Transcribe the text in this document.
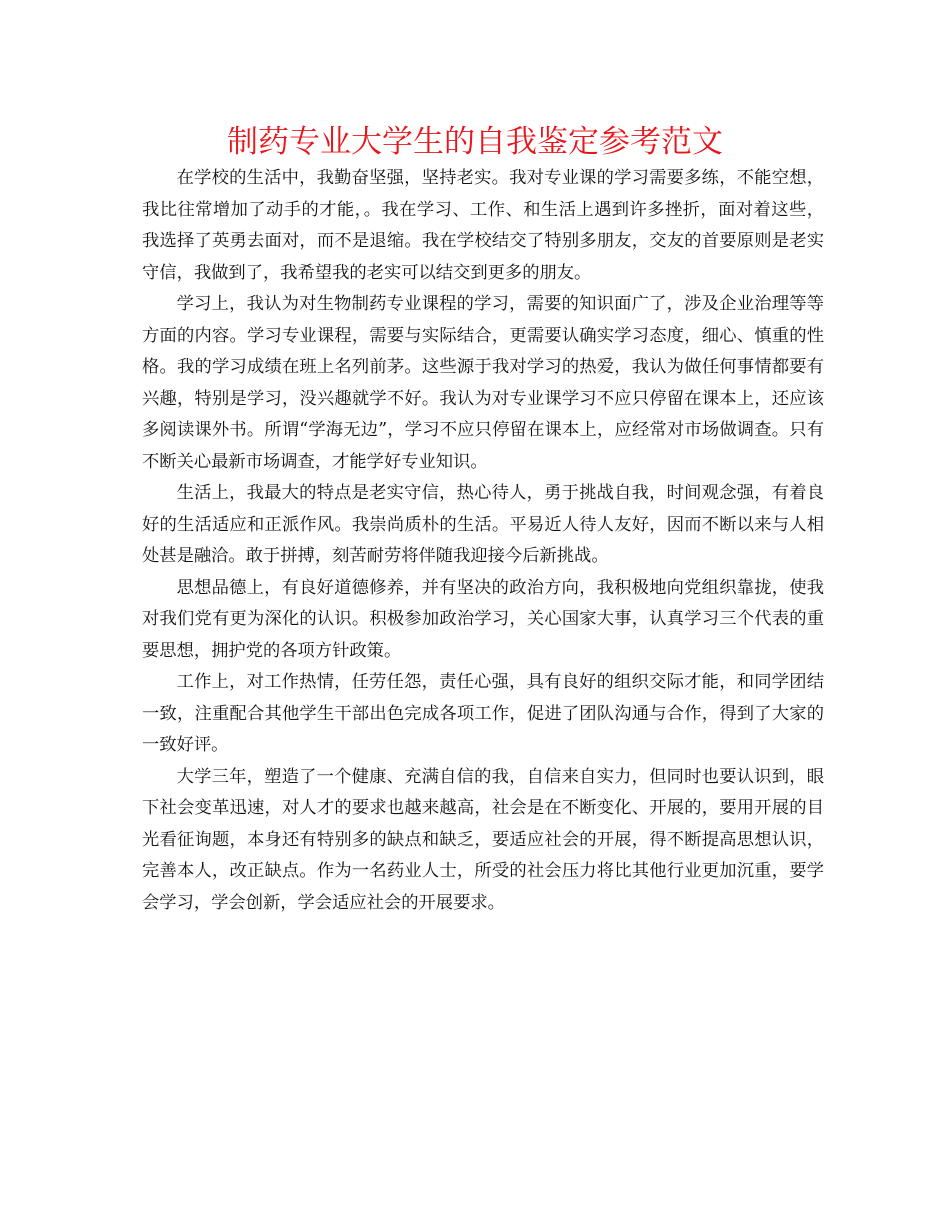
制药专业大学生的自我鉴定参考范文

在学校的生活中，我勤奋坚强，坚持老实。我对专业课的学习需要多练，不能空想，我比往常增加了动手的才能，。我在学习、工作、和生活上遇到许多挫折，面对着这些，我选择了英勇去面对，而不是退缩。我在学校结交了特别多朋友，交友的首要原则是老实守信，我做到了，我希望我的老实可以结交到更多的朋友。

学习上，我认为对生物制药专业课程的学习，需要的知识面广了，涉及企业治理等等方面的内容。学习专业课程，需要与实际结合，更需要认确实学习态度，细心、慎重的性格。我的学习成绩在班上名列前茅。这些源于我对学习的热爱，我认为做任何事情都要有兴趣，特别是学习，没兴趣就学不好。我认为对专业课学习不应只停留在课本上，还应该多阅读课外书。所谓“学海无边”，学习不应只停留在课本上，应经常对市场做调查。只有不断关心最新市场调查，才能学好专业知识。

生活上，我最大的特点是老实守信，热心待人，勇于挑战自我，时间观念强，有着良好的生活适应和正派作风。我崇尚质朴的生活。平易近人待人友好，因而不断以来与人相处甚是融洽。敢于拼搏，刻苦耐劳将伴随我迎接今后新挑战。

思想品德上，有良好道德修养，并有坚决的政治方向，我积极地向党组织靠拢，使我对我们党有更为深化的认识。积极参加政治学习，关心国家大事，认真学习三个代表的重要思想，拥护党的各项方针政策。

工作上，对工作热情，任劳任怨，责任心强，具有良好的组织交际才能，和同学团结一致，注重配合其他学生干部出色完成各项工作，促进了团队沟通与合作，得到了大家的一致好评。

大学三年，塑造了一个健康、充满自信的我，自信来自实力，但同时也要认识到，眼下社会变革迅速，对人才的要求也越来越高，社会是在不断变化、开展的，要用开展的目光看征询题，本身还有特别多的缺点和缺乏，要适应社会的开展，得不断提高思想认识，完善本人，改正缺点。作为一名药业人士，所受的社会压力将比其他行业更加沉重，要学会学习，学会创新，学会适应社会的开展要求。
